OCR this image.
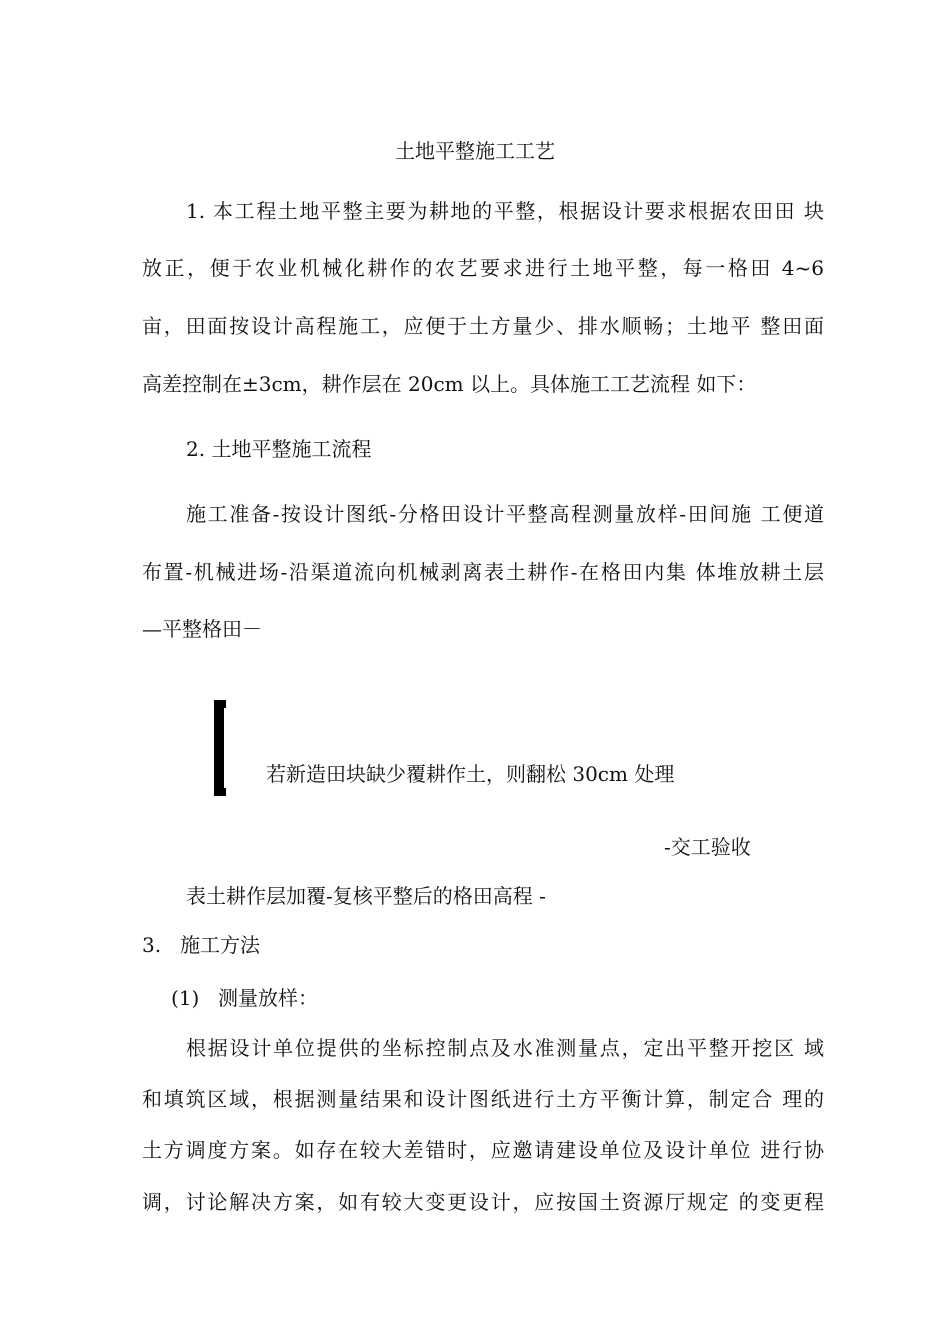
土地平整施工工艺
1. 本工程土地平整主要为耕地的平整，根据设计要求根据农田田 块
放正，便于农业机械化耕作的农艺要求进行土地平整，每一格田 4~6
亩，田面按设计高程施工，应便于土方量少、排水顺畅；土地平 整田面
高差控制在±3cm，耕作层在 20cm 以上。具体施工工艺流程 如下：
2. 土地平整施工流程
施工准备-按设计图纸-分格田设计平整高程测量放样-田间施 工便道
布置-机械进场-沿渠道流向机械剥离表土耕作-在格田内集 体堆放耕土层
—平整格田－
若新造田块缺少覆耕作土，则翻松 30cm 处理
-交工验收
表土耕作层加覆-复核平整后的格田高程 -
3. 施工方法
(1) 测量放样：
根据设计单位提供的坐标控制点及水准测量点，定出平整开挖区 域
和填筑区域，根据测量结果和设计图纸进行土方平衡计算，制定合 理的
土方调度方案。如存在较大差错时，应邀请建设单位及设计单位 进行协
调，讨论解决方案，如有较大变更设计，应按国土资源厅规定 的变更程
